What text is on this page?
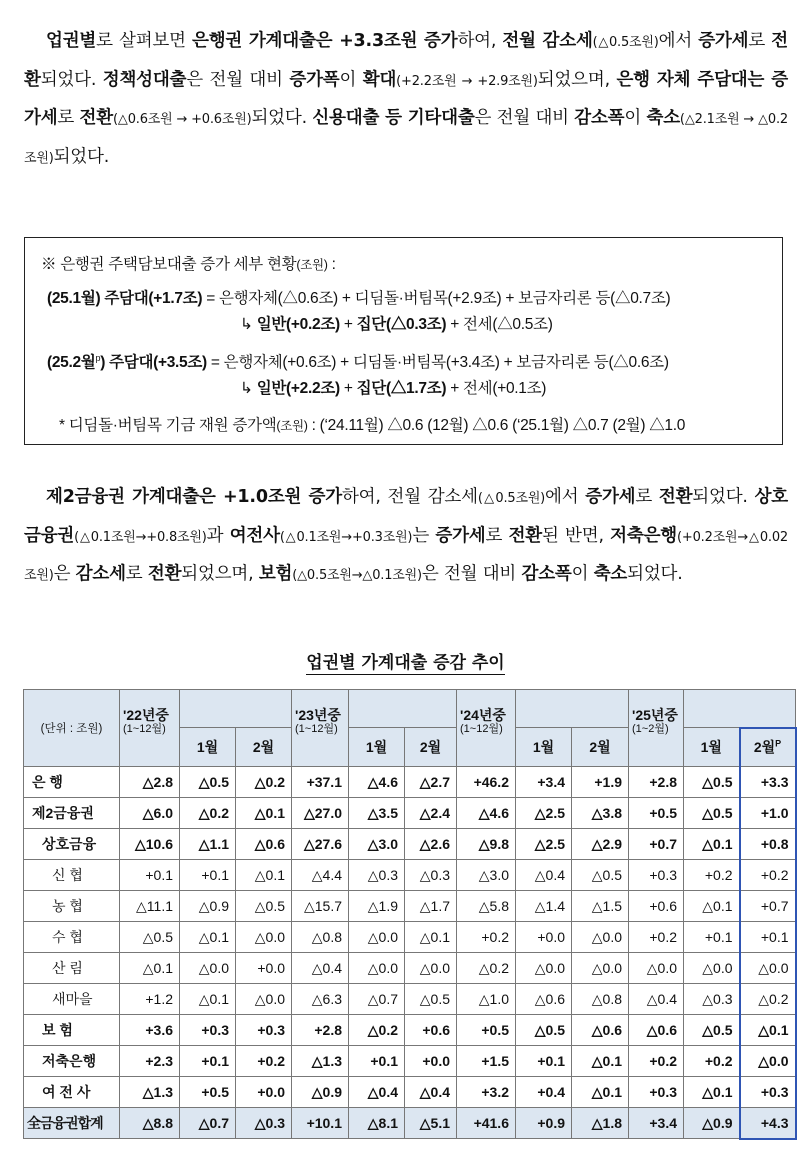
업권별로 살펴보면 은행권 가계대출은 +3.3조원 증가하여, 전월 감소세(△0.5조원)에서 증가세로 전환되었다. 정책성대출은 전월 대비 증가폭이 확대(+2.2조원 → +2.9조원)되었으며, 은행 자체 주담대는 증가세로 전환(△0.6조원 → +0.6조원)되었다. 신용대출 등 기타대출은 전월 대비 감소폭이 축소(△2.1조원 → △0.2조원)되었다.

※ 은행권 주택담보대출 증가 세부 현황(조원) :
(25.1월) 주담대(+1.7조) = 은행자체(△0.6조) + 디딤돌·버팀목(+2.9조) + 보금자리론 등(△0.7조)
↳ 일반(+0.2조) + 집단(△0.3조) + 전세(△0.5조)
(25.2월$^p$) 주담대(+3.5조) = 은행자체(+0.6조) + 디딤돌·버팀목(+3.4조) + 보금자리론 등(△0.6조)
↳ 일반(+2.2조) + 집단(△1.7조) + 전세(+0.1조)
* 디딤돌·버팀목 기금 재원 증가액(조원) : (‘24.11월) △0.6 (12월) △0.6 (‘25.1월) △0.7 (2월) △1.0

제2금융권 가계대출은 +1.0조원 증가하여, 전월 감소세(△0.5조원)에서 증가세로 전환되었다. 상호금융권(△0.1조원→+0.8조원)과 여전사(△0.1조원→+0.3조원)는 증가세로 전환된 반면, 저축은행(+0.2조원→△0.02조원)은 감소세로 전환되었으며, 보험(△0.5조원→△0.1조원)은 전월 대비 감소폭이 축소되었다.

업권별 가계대출 증감 추이
(단위 : 조원)	'22년중
(1~12월)			'23년중
(1~12월)			'24년중
(1~12월)			'25년중
(1~2월)		

		1월	2월		1월	2월		1월	2월		1월	2월$^P$
은 행	△2.8	△0.5	△0.2	+37.1	△4.6	△2.7	+46.2	+3.4	+1.9	+2.8	△0.5	+3.3
제2금융권	△6.0	△0.2	△0.1	△27.0	△3.5	△2.4	△4.6	△2.5	△3.8	+0.5	△0.5	+1.0
상호금융	△10.6	△1.1	△0.6	△27.6	△3.0	△2.6	△9.8	△2.5	△2.9	+0.7	△0.1	+0.8
신 협	+0.1	+0.1	△0.1	△4.4	△0.3	△0.3	△3.0	△0.4	△0.5	+0.3	+0.2	+0.2
농 협	△11.1	△0.9	△0.5	△15.7	△1.9	△1.7	△5.8	△1.4	△1.5	+0.6	△0.1	+0.7
수 협	△0.5	△0.1	△0.0	△0.8	△0.0	△0.1	+0.2	+0.0	△0.0	+0.2	+0.1	+0.1
산 림	△0.1	△0.0	+0.0	△0.4	△0.0	△0.0	△0.2	△0.0	△0.0	△0.0	△0.0	△0.0
새마을	+1.2	△0.1	△0.0	△6.3	△0.7	△0.5	△1.0	△0.6	△0.8	△0.4	△0.3	△0.2
보 험	+3.6	+0.3	+0.3	+2.8	△0.2	+0.6	+0.5	△0.5	△0.6	△0.6	△0.5	△0.1
저축은행	+2.3	+0.1	+0.2	△1.3	+0.1	+0.0	+1.5	+0.1	△0.1	+0.2	+0.2	△0.0
여 전 사	△1.3	+0.5	+0.0	△0.9	△0.4	△0.4	+3.2	+0.4	△0.1	+0.3	△0.1	+0.3
全금융권합계	△8.8	△0.7	△0.3	+10.1	△8.1	△5.1	+41.6	+0.9	△1.8	+3.4	△0.9	+4.3
